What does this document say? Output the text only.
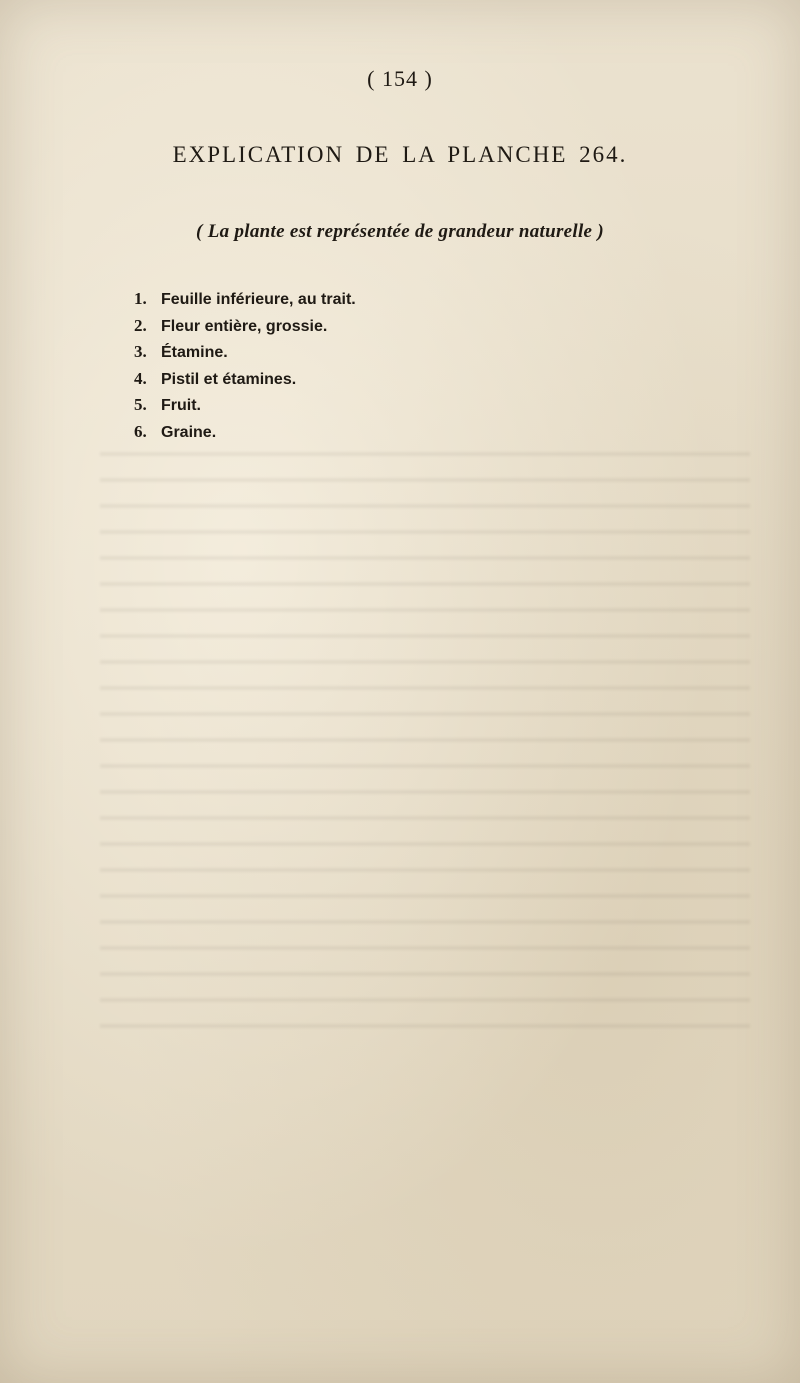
( 154 )
EXPLICATION DE LA PLANCHE 264.
( La plante est représentée de grandeur naturelle )
1. Feuille inférieure, au trait.
2. Fleur entière, grossie.
3. Étamine.
4. Pistil et étamines.
5. Fruit.
6. Graine.
